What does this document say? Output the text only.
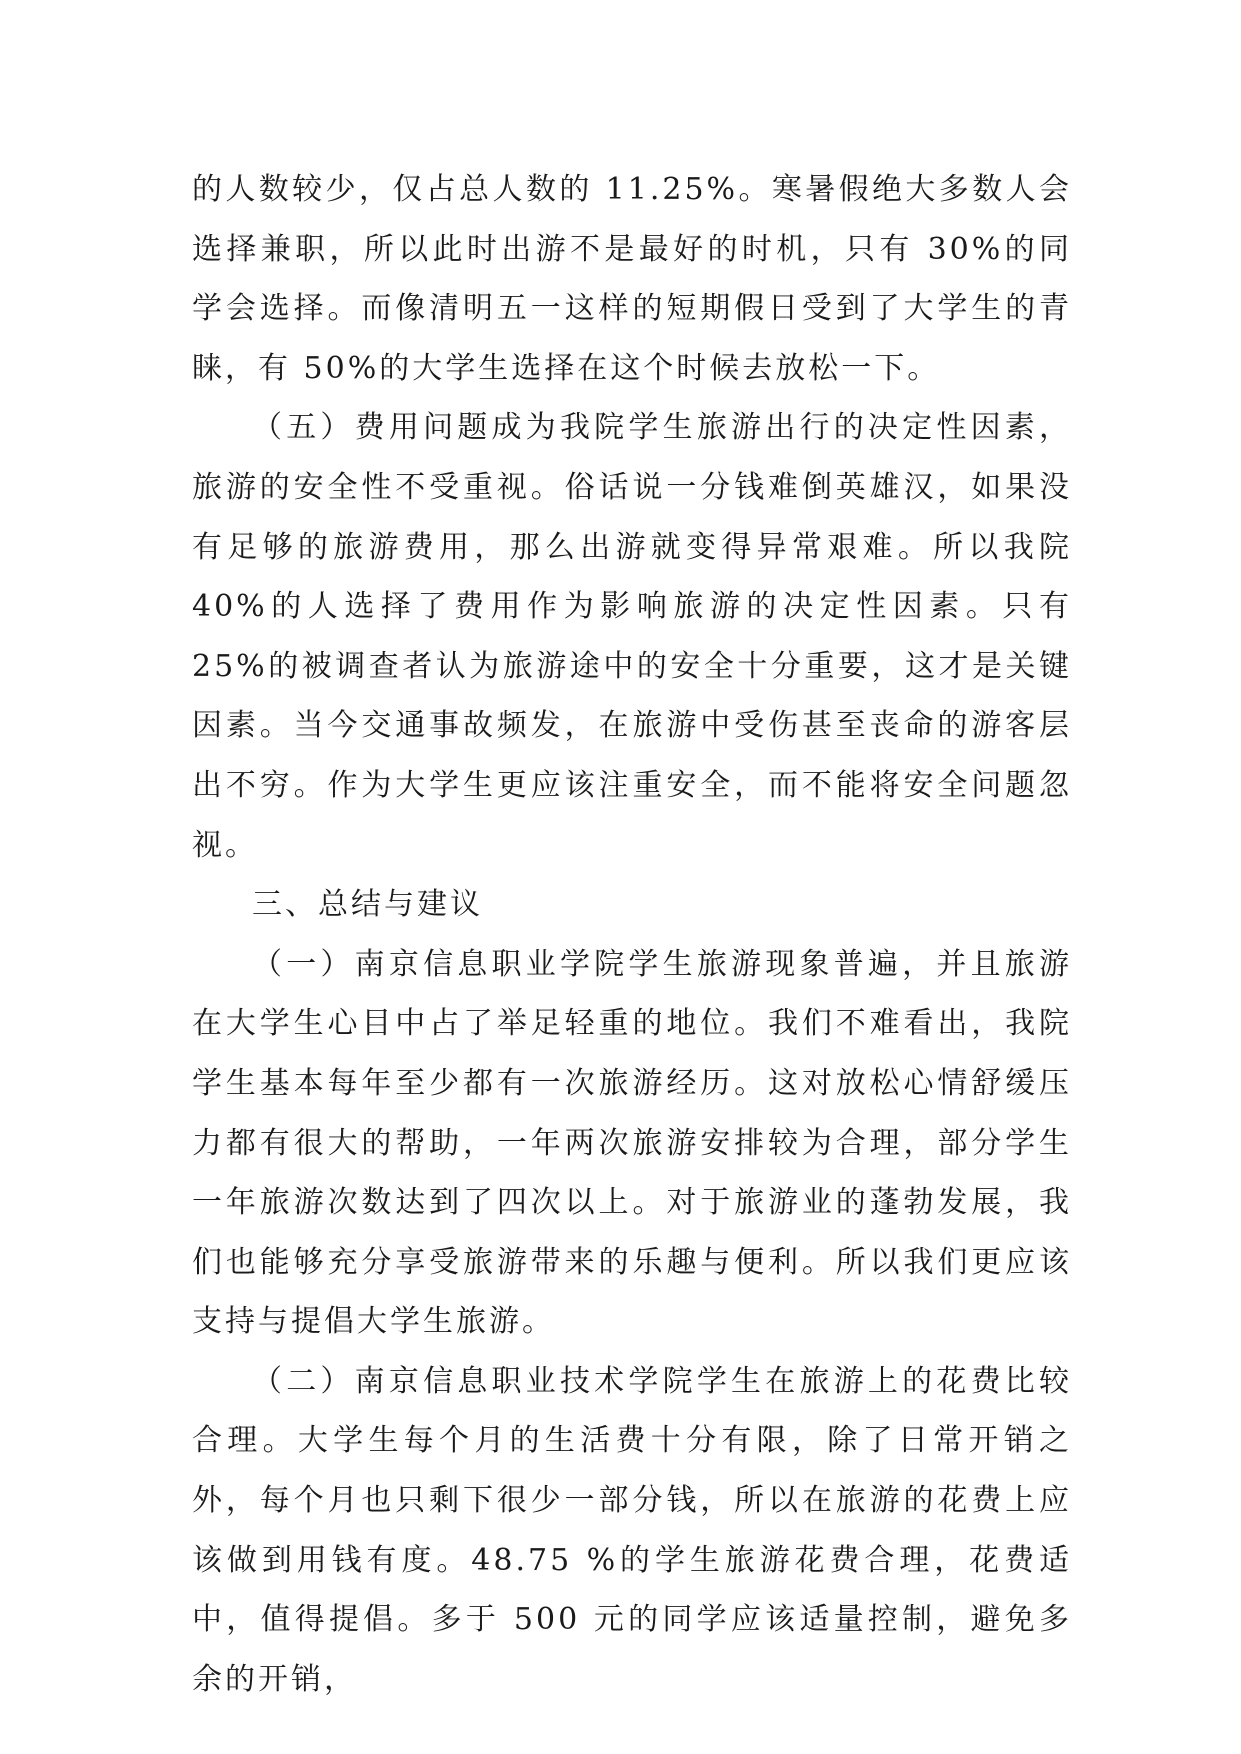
的人数较少，仅占总人数的 11.25%。寒暑假绝大多数人会选择兼职，所以此时出游不是最好的时机，只有 30%的同学会选择。而像清明五一这样的短期假日受到了大学生的青睐，有 50%的大学生选择在这个时候去放松一下。

（五）费用问题成为我院学生旅游出行的决定性因素，旅游的安全性不受重视。俗话说一分钱难倒英雄汉，如果没有足够的旅游费用，那么出游就变得异常艰难。所以我院 40%的人选择了费用作为影响旅游的决定性因素。只有 25%的被调查者认为旅游途中的安全十分重要，这才是关键因素。当今交通事故频发，在旅游中受伤甚至丧命的游客层出不穷。作为大学生更应该注重安全，而不能将安全问题忽视。

三、总结与建议

（一）南京信息职业学院学生旅游现象普遍，并且旅游在大学生心目中占了举足轻重的地位。我们不难看出，我院学生基本每年至少都有一次旅游经历。这对放松心情舒缓压力都有很大的帮助，一年两次旅游安排较为合理，部分学生一年旅游次数达到了四次以上。对于旅游业的蓬勃发展，我们也能够充分享受旅游带来的乐趣与便利。所以我们更应该支持与提倡大学生旅游。

（二）南京信息职业技术学院学生在旅游上的花费比较合理。大学生每个月的生活费十分有限，除了日常开销之外，每个月也只剩下很少一部分钱，所以在旅游的花费上应该做到用钱有度。48.75 %的学生旅游花费合理，花费适中，值得提倡。多于 500 元的同学应该适量控制，避免多余的开销，
